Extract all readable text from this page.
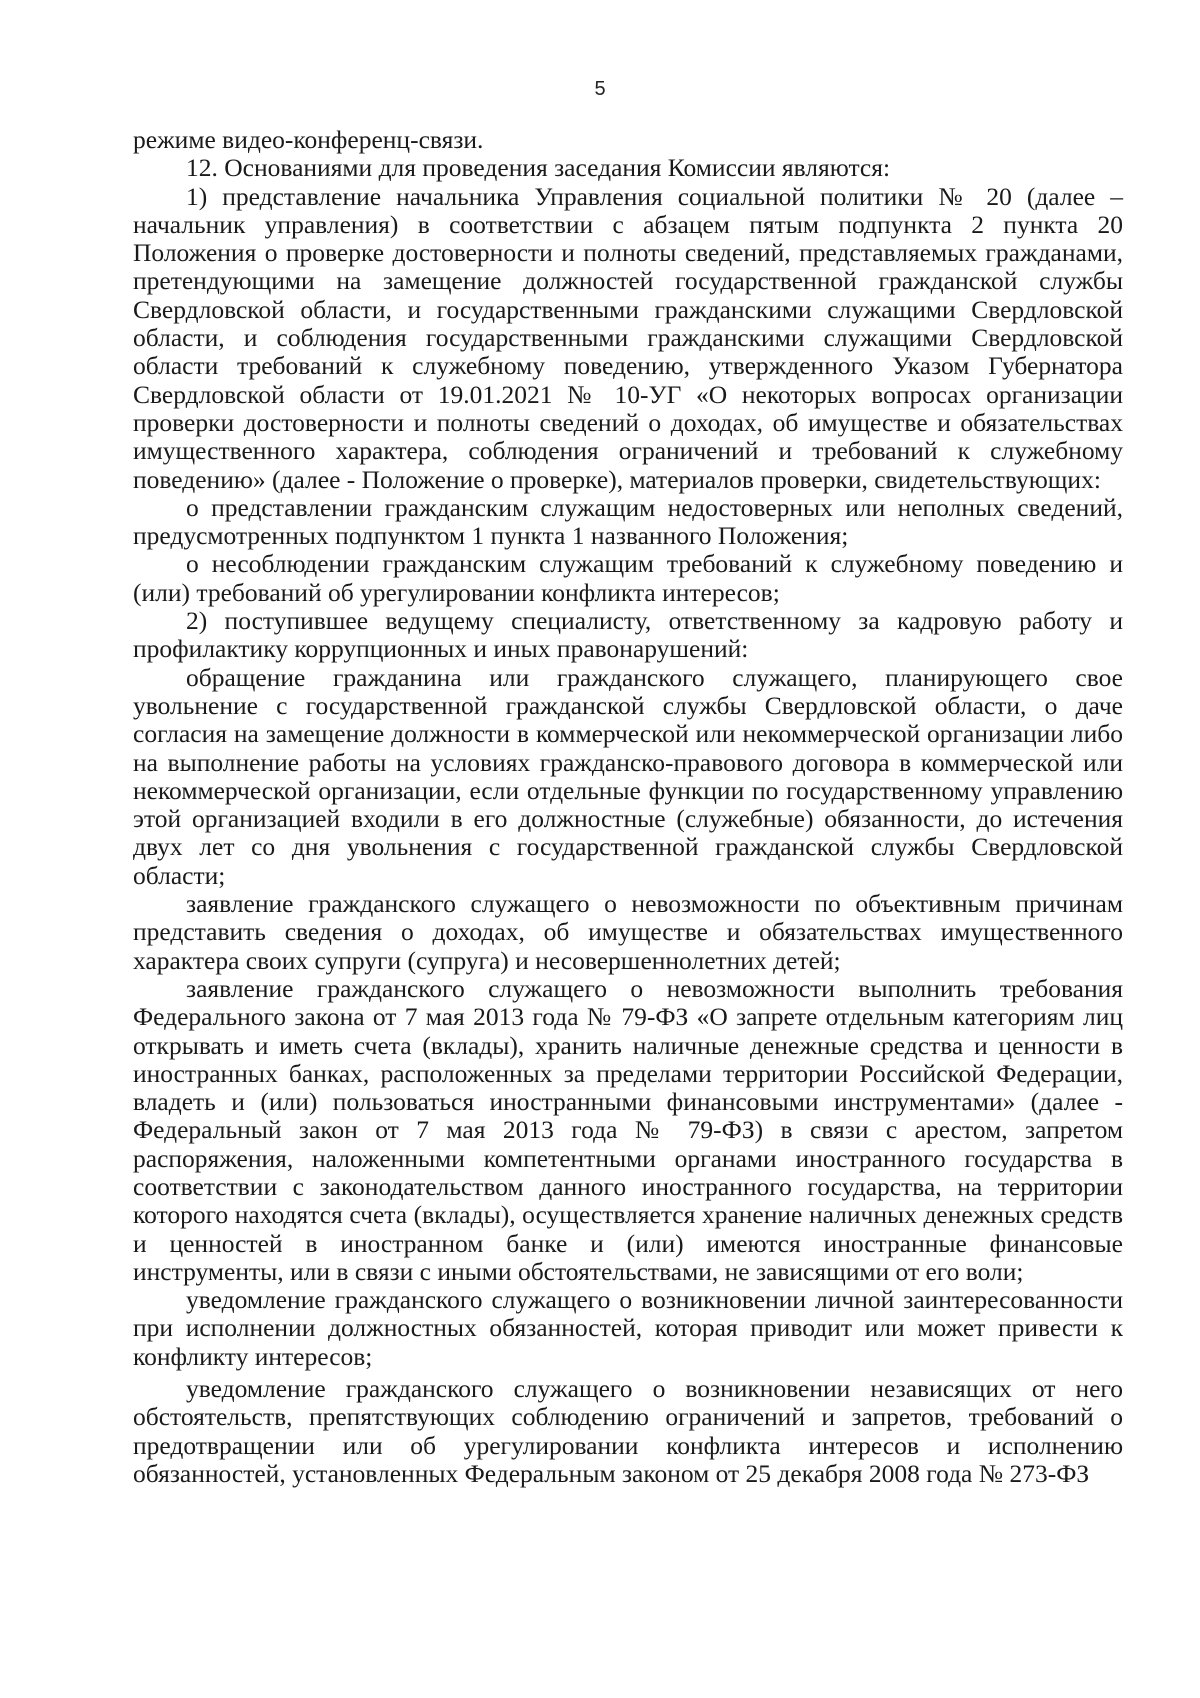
5

режиме видео-конференц-связи.

12. Основаниями для проведения заседания Комиссии являются:

1) представление начальника Управления социальной политики № 20 (далее – начальник управления) в соответствии с абзацем пятым подпункта 2 пункта 20 Положения о проверке достоверности и полноты сведений, представляемых гражданами, претендующими на замещение должностей государственной гражданской службы Свердловской области, и государственными гражданскими служащими Свердловской области, и соблюдения государственными гражданскими служащими Свердловской области требований к служебному поведению, утвержденного Указом Губернатора Свердловской области от 19.01.2021 № 10-УГ «О некоторых вопросах организации проверки достоверности и полноты сведений о доходах, об имуществе и обязательствах имущественного характера, соблюдения ограничений и требований к служебному поведению» (далее - Положение о проверке), материалов проверки, свидетельствующих:

о представлении гражданским служащим недостоверных или неполных сведений, предусмотренных подпунктом 1 пункта 1 названного Положения;

о несоблюдении гражданским служащим требований к служебному поведению и (или) требований об урегулировании конфликта интересов;

2) поступившее ведущему специалисту, ответственному за кадровую работу и профилактику коррупционных и иных правонарушений:

обращение гражданина или гражданского служащего, планирующего свое увольнение с государственной гражданской службы Свердловской области, о даче согласия на замещение должности в коммерческой или некоммерческой организации либо на выполнение работы на условиях гражданско-правового договора в коммерческой или некоммерческой организации, если отдельные функции по государственному управлению этой организацией входили в его должностные (служебные) обязанности, до истечения двух лет со дня увольнения с государственной гражданской службы Свердловской области;

заявление гражданского служащего о невозможности по объективным причинам представить сведения о доходах, об имуществе и обязательствах имущественного характера своих супруги (супруга) и несовершеннолетних детей;

заявление гражданского служащего о невозможности выполнить требования Федерального закона от 7 мая 2013 года № 79-ФЗ «О запрете отдельным категориям лиц открывать и иметь счета (вклады), хранить наличные денежные средства и ценности в иностранных банках, расположенных за пределами территории Российской Федерации, владеть и (или) пользоваться иностранными финансовыми инструментами» (далее - Федеральный закон от 7 мая 2013 года № 79-ФЗ) в связи с арестом, запретом распоряжения, наложенными компетентными органами иностранного государства в соответствии с законодательством данного иностранного государства, на территории которого находятся счета (вклады), осуществляется хранение наличных денежных средств и ценностей в иностранном банке и (или) имеются иностранные финансовые инструменты, или в связи с иными обстоятельствами, не зависящими от его воли;

уведомление гражданского служащего о возникновении личной заинтересованности при исполнении должностных обязанностей, которая приводит или может привести к конфликту интересов;

уведомление гражданского служащего о возникновении независящих от него обстоятельств, препятствующих соблюдению ограничений и запретов, требований о предотвращении или об урегулировании конфликта интересов и исполнению обязанностей, установленных Федеральным законом от 25 декабря 2008 года № 273-ФЗ
